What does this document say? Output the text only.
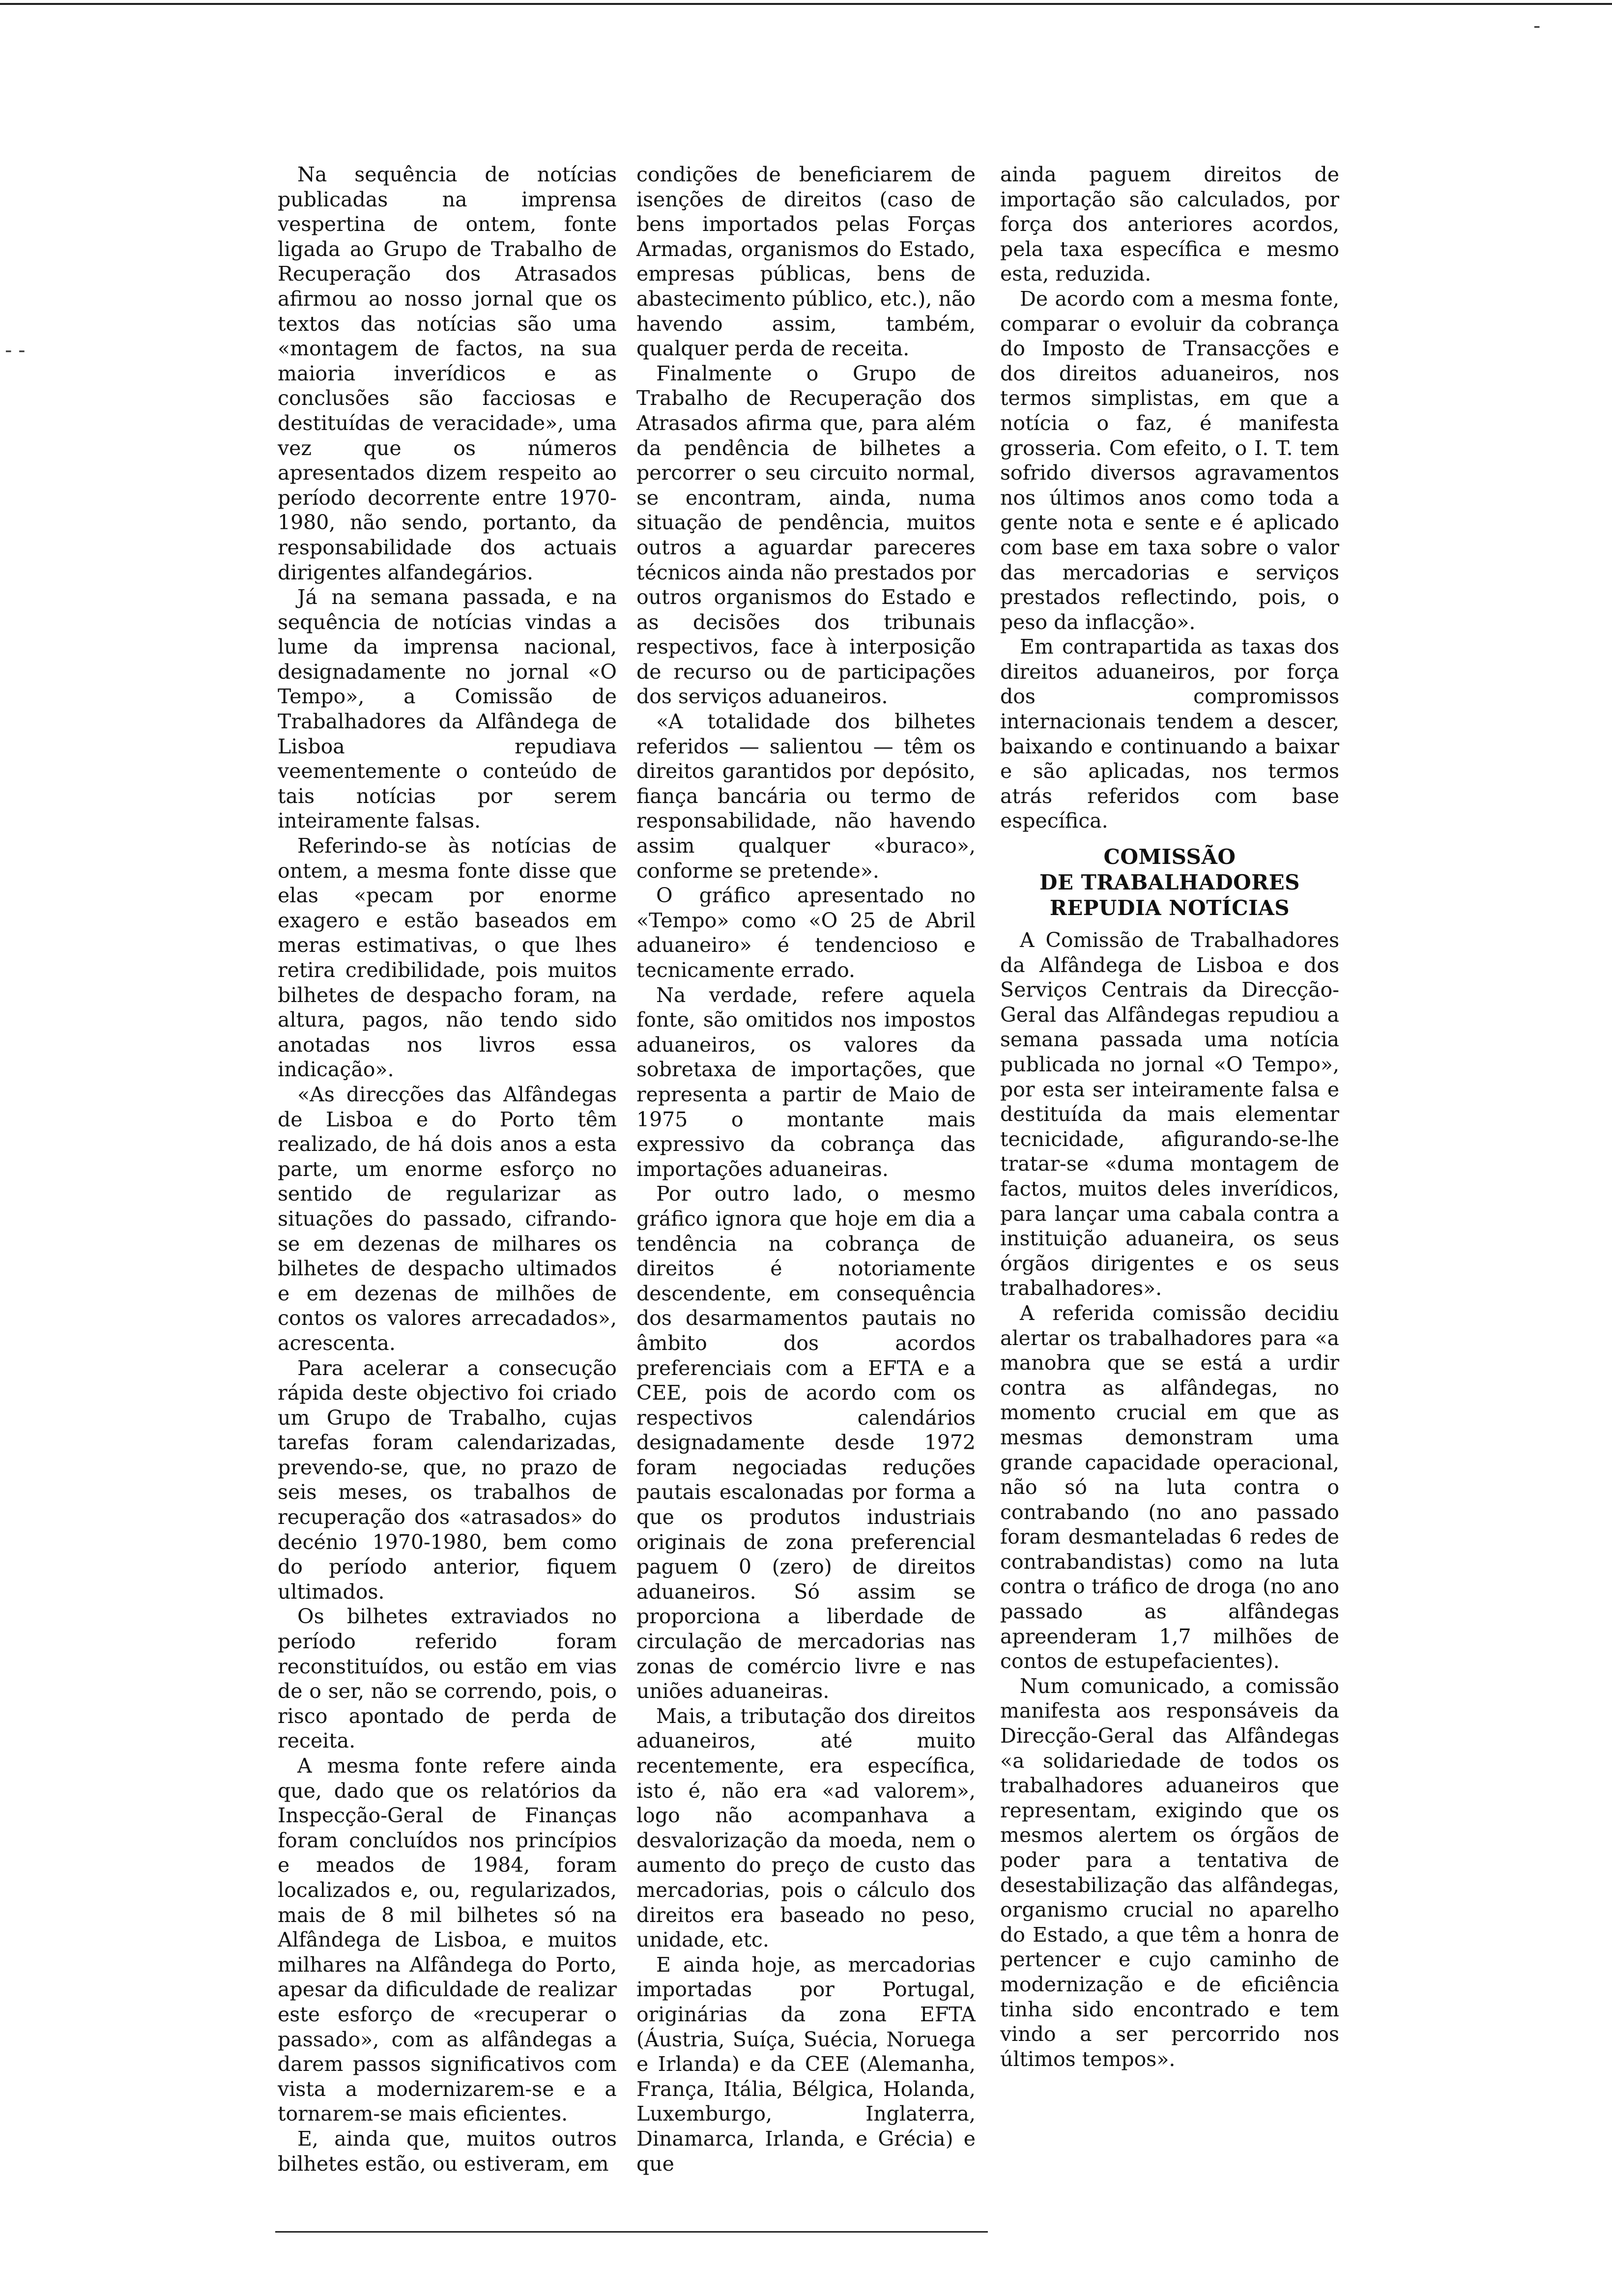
- -
-

Na sequência de notícias publicadas na imprensa vespertina de ontem, fonte ligada ao Grupo de Trabalho de Recuperação dos Atrasados afirmou ao nosso jornal que os textos das notícias são uma «montagem de factos, na sua maioria inverídicos e as conclusões são facciosas e destituídas de veracidade», uma vez que os números apresentados dizem respeito ao período decorrente entre 1970-1980, não sendo, portanto, da responsabilidade dos actuais dirigentes alfandegários.

Já na semana passada, e na sequência de notícias vindas a lume da imprensa nacional, designadamente no jornal «O Tempo», a Comissão de Trabalhadores da Alfândega de Lisboa repudiava veementemente o conteúdo de tais notícias por serem inteiramente falsas.

Referindo-se às notícias de ontem, a mesma fonte disse que elas «pecam por enorme exagero e estão baseados em meras estimativas, o que lhes retira credibilidade, pois muitos bilhetes de despacho foram, na altura, pagos, não tendo sido anotadas nos livros essa indicação».

«As direcções das Alfândegas de Lisboa e do Porto têm realizado, de há dois anos a esta parte, um enorme esforço no sentido de regularizar as situações do passado, cifrando-se em dezenas de milhares os bilhetes de despacho ultimados e em dezenas de milhões de contos os valores arrecadados», acrescenta.

Para acelerar a consecução rápida deste objectivo foi criado um Grupo de Trabalho, cujas tarefas foram calendarizadas, prevendo-se, que, no prazo de seis meses, os trabalhos de recuperação dos «atrasados» do decénio 1970-1980, bem como do período anterior, fiquem ultimados.

Os bilhetes extraviados no período referido foram reconstituídos, ou estão em vias de o ser, não se correndo, pois, o risco apontado de perda de receita.

A mesma fonte refere ainda que, dado que os relatórios da Inspecção-Geral de Finanças foram concluídos nos princípios e meados de 1984, foram localizados e, ou, regularizados, mais de 8 mil bilhetes só na Alfândega de Lisboa, e muitos milhares na Alfândega do Porto, apesar da dificuldade de realizar este esforço de «recuperar o passado», com as alfândegas a darem passos significativos com vista a modernizarem-se e a tornarem-se mais eficientes.

E, ainda que, muitos outros bilhetes estão, ou estiveram, em

condições de beneficiarem de isenções de direitos (caso de bens importados pelas Forças Armadas, organismos do Estado, empresas públicas, bens de abastecimento público, etc.), não havendo assim, também, qualquer perda de receita.

Finalmente o Grupo de Trabalho de Recuperação dos Atrasados afirma que, para além da pendência de bilhetes a percorrer o seu circuito normal, se encontram, ainda, numa situação de pendência, muitos outros a aguardar pareceres técnicos ainda não prestados por outros organismos do Estado e as decisões dos tribunais respectivos, face à interposição de recurso ou de participações dos serviços aduaneiros.

«A totalidade dos bilhetes referidos — salientou — têm os direitos garantidos por depósito, fiança bancária ou termo de responsabilidade, não havendo assim qualquer «buraco», conforme se pretende».

O gráfico apresentado no «Tempo» como «O 25 de Abril aduaneiro» é tendencioso e tecnicamente errado.

Na verdade, refere aquela fonte, são omitidos nos impostos aduaneiros, os valores da sobretaxa de importações, que representa a partir de Maio de 1975 o montante mais expressivo da cobrança das importações aduaneiras.

Por outro lado, o mesmo gráfico ignora que hoje em dia a tendência na cobrança de direitos é notoriamente descendente, em consequência dos desarmamentos pautais no âmbito dos acordos preferenciais com a EFTA e a CEE, pois de acordo com os respectivos calendários designadamente desde 1972 foram negociadas reduções pautais escalonadas por forma a que os produtos industriais originais de zona preferencial paguem 0 (zero) de direitos aduaneiros. Só assim se proporciona a liberdade de circulação de mercadorias nas zonas de comércio livre e nas uniões aduaneiras.

Mais, a tributação dos direitos aduaneiros, até muito recentemente, era específica, isto é, não era «ad valorem», logo não acompanhava a desvalorização da moeda, nem o aumento do preço de custo das mercadorias, pois o cálculo dos direitos era baseado no peso, unidade, etc.

E ainda hoje, as mercadorias importadas por Portugal, originárias da zona EFTA (Áustria, Suíça, Suécia, Noruega e Irlanda) e da CEE (Alemanha, França, Itália, Bélgica, Holanda, Luxemburgo, Inglaterra, Dinamarca, Irlanda, e Grécia) e que

ainda paguem direitos de importação são calculados, por força dos anteriores acordos, pela taxa específica e mesmo esta, reduzida.

De acordo com a mesma fonte, comparar o evoluir da cobrança do Imposto de Transacções e dos direitos aduaneiros, nos termos simplistas, em que a notícia o faz, é manifesta grosseria. Com efeito, o I. T. tem sofrido diversos agravamentos nos últimos anos como toda a gente nota e sente e é aplicado com base em taxa sobre o valor das mercadorias e serviços prestados reflectindo, pois, o peso da inflacção».

Em contrapartida as taxas dos direitos aduaneiros, por força dos compromissos internacionais tendem a descer, baixando e continuando a baixar e são aplicadas, nos termos atrás referidos com base específica.

COMISSÃO
DE TRABALHADORES
REPUDIA NOTÍCIAS

A Comissão de Trabalhadores da Alfândega de Lisboa e dos Serviços Centrais da Direcção-Geral das Alfândegas repudiou a semana passada uma notícia publicada no jornal «O Tempo», por esta ser inteiramente falsa e destituída da mais elementar tecnicidade, afigurando-se-lhe tratar-se «duma montagem de factos, muitos deles inverídicos, para lançar uma cabala contra a instituição aduaneira, os seus órgãos dirigentes e os seus trabalhadores».

A referida comissão decidiu alertar os trabalhadores para «a manobra que se está a urdir contra as alfândegas, no momento crucial em que as mesmas demonstram uma grande capacidade operacional, não só na luta contra o contrabando (no ano passado foram desmanteladas 6 redes de contrabandistas) como na luta contra o tráfico de droga (no ano passado as alfândegas apreenderam 1,7 milhões de contos de estupefacientes).

Num comunicado, a comissão manifesta aos responsáveis da Direcção-Geral das Alfândegas «a solidariedade de todos os trabalhadores aduaneiros que representam, exigindo que os mesmos alertem os órgãos de poder para a tentativa de desestabilização das alfândegas, organismo crucial no aparelho do Estado, a que têm a honra de pertencer e cujo caminho de modernização e de eficiência tinha sido encontrado e tem vindo a ser percorrido nos últimos tempos».
